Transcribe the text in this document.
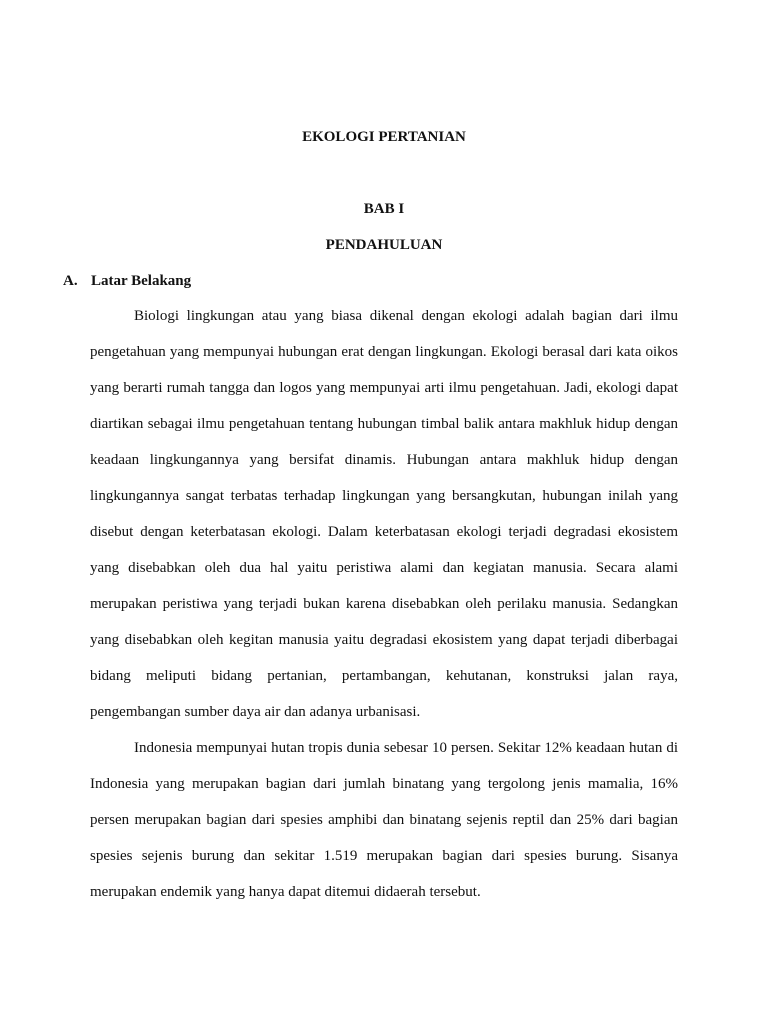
EKOLOGI PERTANIAN

BAB I

PENDAHULUAN

A. Latar Belakang

Biologi lingkungan atau yang biasa dikenal dengan ekologi adalah bagian dari ilmu pengetahuan yang mempunyai hubungan erat dengan lingkungan. Ekologi berasal dari kata oikos yang berarti rumah tangga dan logos yang mempunyai arti ilmu pengetahuan. Jadi, ekologi dapat diartikan sebagai ilmu pengetahuan tentang hubungan timbal balik antara makhluk hidup dengan keadaan lingkungannya yang bersifat dinamis. Hubungan antara makhluk hidup dengan lingkungannya sangat terbatas terhadap lingkungan yang bersangkutan, hubungan inilah yang disebut dengan keterbatasan ekologi. Dalam keterbatasan ekologi terjadi degradasi ekosistem yang disebabkan oleh dua hal yaitu peristiwa alami dan kegiatan manusia. Secara alami merupakan peristiwa yang terjadi bukan karena disebabkan oleh perilaku manusia. Sedangkan yang disebabkan oleh kegitan manusia yaitu degradasi ekosistem yang dapat terjadi diberbagai bidang meliputi bidang pertanian, pertambangan, kehutanan, konstruksi jalan raya, pengembangan sumber daya air dan adanya urbanisasi.

Indonesia mempunyai hutan tropis dunia sebesar 10 persen. Sekitar 12% keadaan hutan di Indonesia yang merupakan bagian dari jumlah binatang yang tergolong jenis mamalia, 16% persen merupakan bagian dari spesies amphibi dan binatang sejenis reptil dan 25% dari bagian spesies sejenis burung dan sekitar 1.519 merupakan bagian dari spesies burung. Sisanya merupakan endemik yang hanya dapat ditemui didaerah tersebut.
